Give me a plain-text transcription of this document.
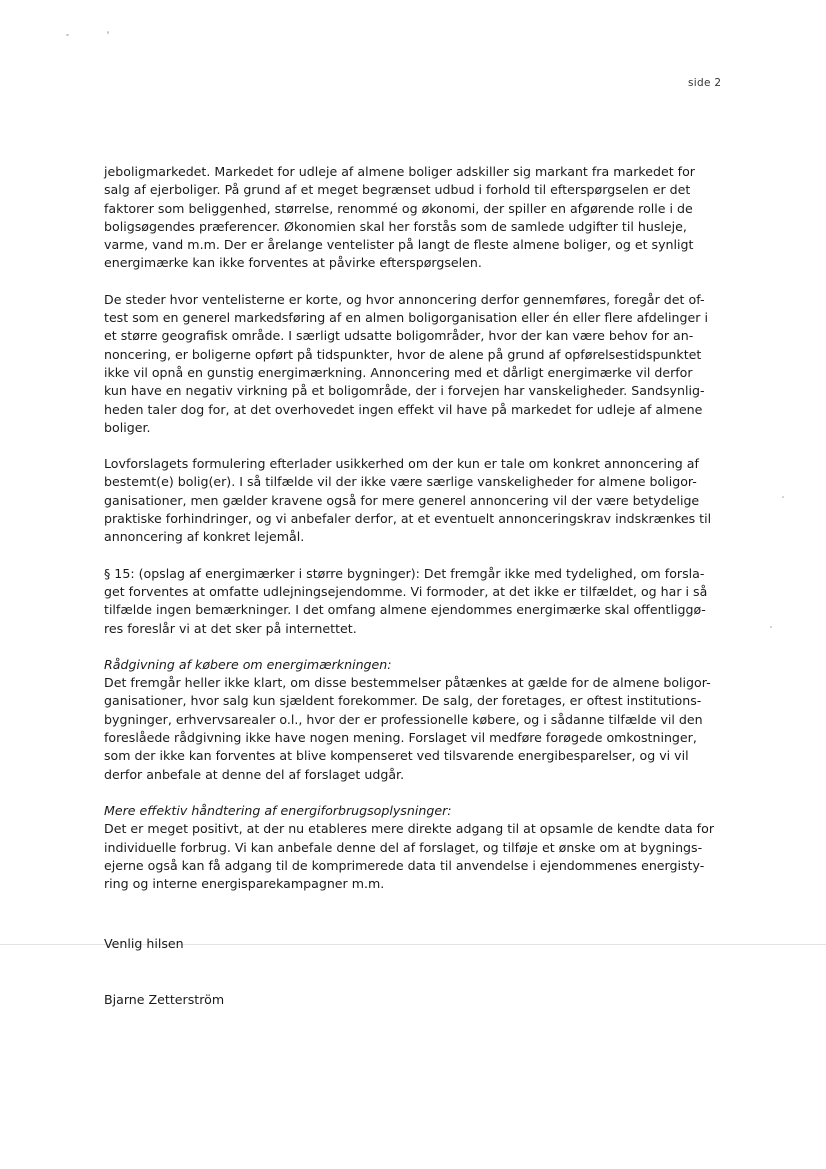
side 2
jeboligmarkedet. Markedet for udleje af almene boliger adskiller sig markant fra markedet for
salg af ejerboliger. På grund af et meget begrænset udbud i forhold til efterspørgselen er det
faktorer som beliggenhed, størrelse, renommé og økonomi, der spiller en afgørende rolle i de
boligsøgendes præferencer. Økonomien skal her forstås som de samlede udgifter til husleje,
varme, vand m.m. Der er årelange ventelister på langt de fleste almene boliger, og et synligt
energimærke kan ikke forventes at påvirke efterspørgselen.
De steder hvor ventelisterne er korte, og hvor annoncering derfor gennemføres, foregår det of-
test som en generel markedsføring af en almen boligorganisation eller én eller flere afdelinger i
et større geografisk område. I særligt udsatte boligområder, hvor der kan være behov for an-
noncering, er boligerne opført på tidspunkter, hvor de alene på grund af opførelsestidspunktet
ikke vil opnå en gunstig energimærkning. Annoncering med et dårligt energimærke vil derfor
kun have en negativ virkning på et boligområde, der i forvejen har vanskeligheder. Sandsynlig-
heden taler dog for, at det overhovedet ingen effekt vil have på markedet for udleje af almene
boliger.
Lovforslagets formulering efterlader usikkerhed om der kun er tale om konkret annoncering af
bestemt(e) bolig(er). I så tilfælde vil der ikke være særlige vanskeligheder for almene boligor-
ganisationer, men gælder kravene også for mere generel annoncering vil der være betydelige
praktiske forhindringer, og vi anbefaler derfor, at et eventuelt annonceringskrav indskrænkes til
annoncering af konkret lejemål.
§ 15: (opslag af energimærker i større bygninger): Det fremgår ikke med tydelighed, om forsla-
get forventes at omfatte udlejningsejendomme. Vi formoder, at det ikke er tilfældet, og har i så
tilfælde ingen bemærkninger. I det omfang almene ejendommes energimærke skal offentliggø-
res foreslår vi at det sker på internettet.
Rådgivning af købere om energimærkningen:
Det fremgår heller ikke klart, om disse bestemmelser påtænkes at gælde for de almene boligor-
ganisationer, hvor salg kun sjældent forekommer. De salg, der foretages, er oftest institutions-
bygninger, erhvervsarealer o.l., hvor der er professionelle købere, og i sådanne tilfælde vil den
foreslåede rådgivning ikke have nogen mening. Forslaget vil medføre forøgede omkostninger,
som der ikke kan forventes at blive kompenseret ved tilsvarende energibesparelser, og vi vil
derfor anbefale at denne del af forslaget udgår.
Mere effektiv håndtering af energiforbrugsoplysninger:
Det er meget positivt, at der nu etableres mere direkte adgang til at opsamle de kendte data for
individuelle forbrug. Vi kan anbefale denne del af forslaget, og tilføje et ønske om at bygnings-
ejerne også kan få adgang til de komprimerede data til anvendelse i ejendommenes energisty-
ring og interne energisparekampagner m.m.
Venlig hilsen
Bjarne Zetterström
